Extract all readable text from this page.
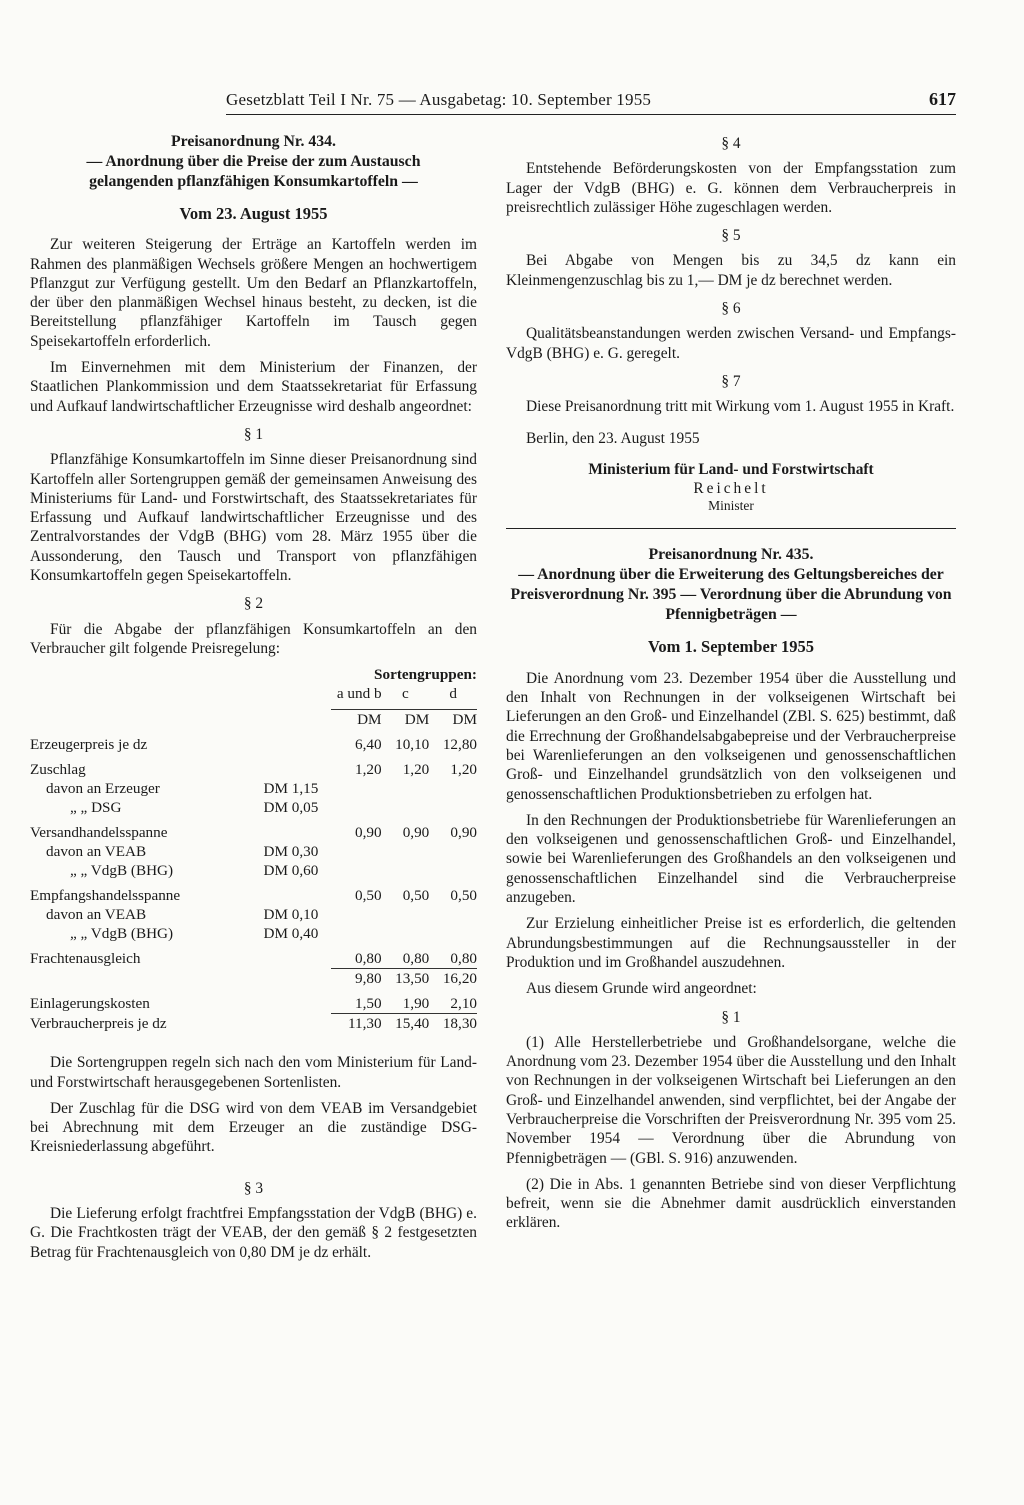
Gesetzblatt Teil I Nr. 75 — Ausgabetag: 10. September 1955	617
Preisanordnung Nr. 434.
— Anordnung über die Preise der zum Austausch
gelangenden pflanzfähigen Konsumkartoffeln —
Vom 23. August 1955

Zur weiteren Steigerung der Erträge an Kartoffeln werden im Rahmen des planmäßigen Wechsels größere Mengen an hochwertigem Pflanzgut zur Verfügung gestellt. Um den Bedarf an Pflanzkartoffeln, der über den planmäßigen Wechsel hinaus besteht, zu decken, ist die Bereitstellung pflanzfähiger Kartoffeln im Tausch gegen Speisekartoffeln erforderlich.

Im Einvernehmen mit dem Ministerium der Finanzen, der Staatlichen Plankommission und dem Staatssekretariat für Erfassung und Aufkauf landwirtschaftlicher Erzeugnisse wird deshalb angeordnet:

§ 1

Pflanzfähige Konsumkartoffeln im Sinne dieser Preisanordnung sind Kartoffeln aller Sortengruppen gemäß der gemeinsamen Anweisung des Ministeriums für Land- und Forstwirtschaft, des Staatssekretariates für Erfassung und Aufkauf landwirtschaftlicher Erzeugnisse und des Zentralvorstandes der VdgB (BHG) vom 28. März 1955 über die Aussonderung, den Tausch und Transport von pflanzfähigen Konsumkartoffeln gegen Speisekartoffeln.

§ 2

Für die Abgabe der pflanzfähigen Konsumkartoffeln an den Verbraucher gilt folgende Preisregelung:

		Sortengruppen:		
		a und b	c	d

		DM	DM	DM

Erzeugerpreis je dz		6,40	10,10	12,80

Zuschlag		1,20	1,20	1,20
davon an Erzeuger	DM 1,15			
„ „ DSG	DM 0,05			

Versandhandelsspanne		0,90	0,90	0,90
davon an VEAB	DM 0,30			
„ „ VdgB (BHG)	DM 0,60			

Empfangshandelsspanne		0,50	0,50	0,50
davon an VEAB	DM 0,10			
„ „ VdgB (BHG)	DM 0,40			

Frachtenausgleich		0,80	0,80	0,80
		9,80	13,50	16,20

Einlagerungskosten		1,50	1,90	2,10
Verbraucherpreis je dz		11,30	15,40	18,30

Die Sortengruppen regeln sich nach den vom Ministerium für Land- und Forstwirtschaft herausgegebenen Sortenlisten.

Der Zuschlag für die DSG wird von dem VEAB im Versandgebiet bei Abrechnung mit dem Erzeuger an die zuständige DSG-Kreisniederlassung abgeführt.

§ 3

Die Lieferung erfolgt frachtfrei Empfangsstation der VdgB (BHG) e. G. Die Frachtkosten trägt der VEAB, der den gemäß § 2 festgesetzten Betrag für Frachtenausgleich von 0,80 DM je dz erhält.

§ 4

Entstehende Beförderungskosten von der Empfangsstation zum Lager der VdgB (BHG) e. G. können dem Verbraucherpreis in preisrechtlich zulässiger Höhe zugeschlagen werden.

§ 5

Bei Abgabe von Mengen bis zu 34,5 dz kann ein Kleinmengenzuschlag bis zu 1,— DM je dz berechnet werden.

§ 6

Qualitätsbeanstandungen werden zwischen Versand- und Empfangs-VdgB (BHG) e. G. geregelt.

§ 7

Diese Preisanordnung tritt mit Wirkung vom 1. August 1955 in Kraft.

Berlin, den 23. August 1955

Ministerium für Land- und Forstwirtschaft
Reichelt
Minister
Preisanordnung Nr. 435.
— Anordnung über die Erweiterung des Geltungsbereiches der Preisverordnung Nr. 395 — Verordnung über die Abrundung von Pfennigbeträgen —
Vom 1. September 1955

Die Anordnung vom 23. Dezember 1954 über die Ausstellung und den Inhalt von Rechnungen in der volkseigenen Wirtschaft bei Lieferungen an den Groß- und Einzelhandel (ZBl. S. 625) bestimmt, daß die Errechnung der Großhandelsabgabepreise und der Verbraucherpreise bei Warenlieferungen an den volkseigenen und genossenschaftlichen Groß- und Einzelhandel grundsätzlich von den volkseigenen und genossenschaftlichen Produktionsbetrieben zu erfolgen hat.

In den Rechnungen der Produktionsbetriebe für Warenlieferungen an den volkseigenen und genossenschaftlichen Groß- und Einzelhandel, sowie bei Warenlieferungen des Großhandels an den volkseigenen und genossenschaftlichen Einzelhandel sind die Verbraucherpreise anzugeben.

Zur Erzielung einheitlicher Preise ist es erforderlich, die geltenden Abrundungsbestimmungen auf die Rechnungsaussteller in der Produktion und im Großhandel auszudehnen.

Aus diesem Grunde wird angeordnet:

§ 1

(1) Alle Herstellerbetriebe und Großhandelsorgane, welche die Anordnung vom 23. Dezember 1954 über die Ausstellung und den Inhalt von Rechnungen in der volkseigenen Wirtschaft bei Lieferungen an den Groß- und Einzelhandel anwenden, sind verpflichtet, bei der Angabe der Verbraucherpreise die Vorschriften der Preisverordnung Nr. 395 vom 25. November 1954 — Verordnung über die Abrundung von Pfennigbeträgen — (GBl. S. 916) anzuwenden.

(2) Die in Abs. 1 genannten Betriebe sind von dieser Verpflichtung befreit, wenn sie die Abnehmer damit ausdrücklich einverstanden erklären.
